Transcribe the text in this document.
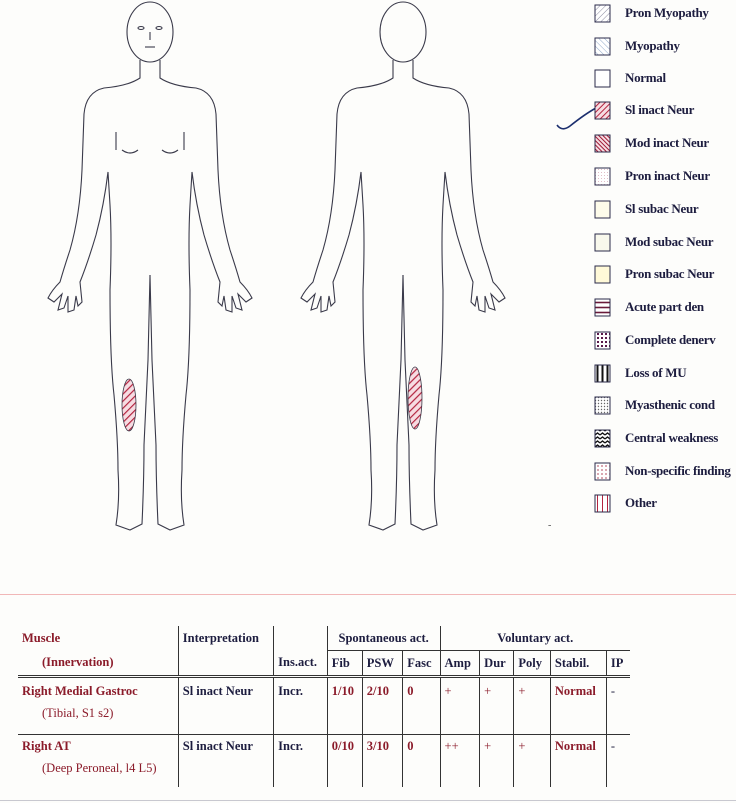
-
Pron Myopathy
Myopathy
Normal
Sl inact Neur
Mod inact Neur
Pron inact Neur
Sl subac Neur
Mod subac Neur
Pron subac Neur
Acute part den
Complete denerv
Loss of MU
Myasthenic cond
Central weakness
Non-specific finding
Other
Muscle	Interpretation		Spontaneous act.			Voluntary act.				
(Innervation)		Ins.act.	Fib	PSW	Fasc	Amp	Dur	Poly	Stabil.	IP
Right Medial Gastroc	Sl inact Neur	Incr.	1/10	2/10	0	+	+	+	Normal	-
(Tibial, S1 s2)										
Right AT	Sl inact Neur	Incr.	0/10	3/10	0	++	+	+	Normal	-
(Deep Peroneal, l4 L5)										
